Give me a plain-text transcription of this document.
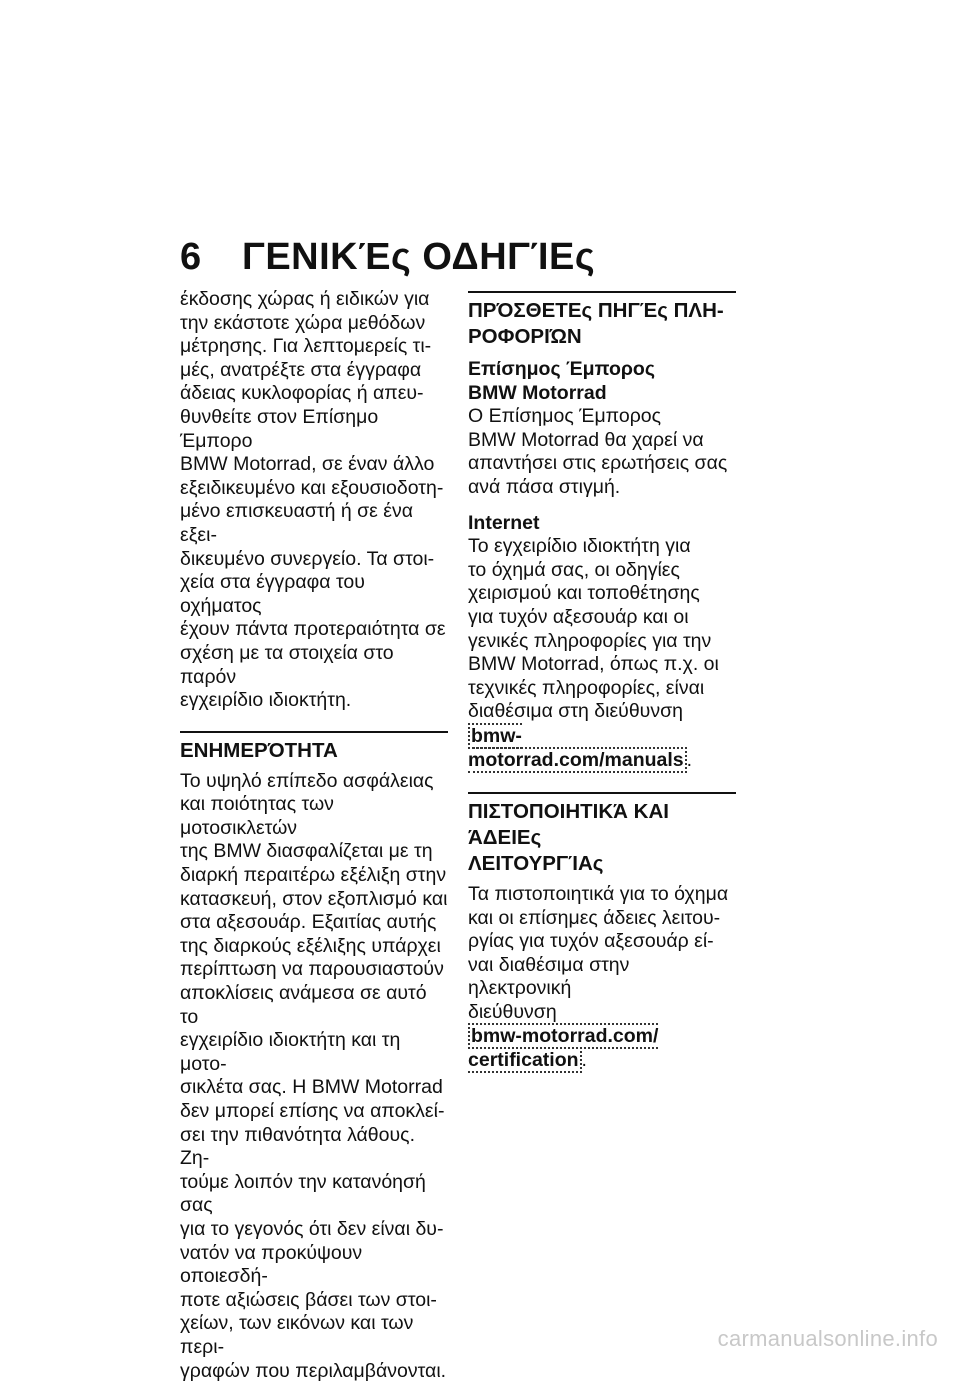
6 ΓΕΝΙΚΈς ΟΔΗΓΊΕς

έκδοσης χώρας ή ειδικών για
την εκάστοτε χώρα μεθόδων
μέτρησης. Για λεπτομερείς τι-
μές, ανατρέξτε στα έγγραφα
άδειας κυκλοφορίας ή απευ-
θυνθείτε στον Επίσημο Έμπορο
BMW Motorrad, σε έναν άλλο
εξειδικευμένο και εξουσιοδοτη-
μένο επισκευαστή ή σε ένα εξει-
δικευμένο συνεργείο. Τα στοι-
χεία στα έγγραφα του οχήματος
έχουν πάντα προτεραιότητα σε
σχέση με τα στοιχεία στο παρόν
εγχειρίδιο ιδιοκτήτη.

ΕΝΗΜΕΡΌΤΗΤΑ

Το υψηλό επίπεδο ασφάλειας
και ποιότητας των μοτοσικλετών
της BMW διασφαλίζεται με τη
διαρκή περαιτέρω εξέλιξη στην
κατασκευή, στον εξοπλισμό και
στα αξεσουάρ. Εξαιτίας αυτής
της διαρκούς εξέλιξης υπάρχει
περίπτωση να παρουσιαστούν
αποκλίσεις ανάμεσα σε αυτό το
εγχειρίδιο ιδιοκτήτη και τη μοτο-
σικλέτα σας. Η BMW Motorrad
δεν μπορεί επίσης να αποκλεί-
σει την πιθανότητα λάθους. Ζη-
τούμε λοιπόν την κατανόησή σας
για το γεγονός ότι δεν είναι δυ-
νατόν να προκύψουν οποιεσδή-
ποτε αξιώσεις βάσει των στοι-
χείων, των εικόνων και των περι-
γραφών που περιλαμβάνονται.

ΠΡΌΣΘΕΤΕς ΠΗΓΈς ΠΛΗ-
ΡΟΦΟΡΙΏΝ
Επίσημος Έμπορος
BMW Motorrad

Ο Επίσημος Έμπορος
BMW Motorrad θα χαρεί να
απαντήσει στις ερωτήσεις σας
ανά πάσα στιγμή.

Internet

Το εγχειρίδιο ιδιοκτήτη για
το όχημά σας, οι οδηγίες
χειρισμού και τοποθέτησης
για τυχόν αξεσουάρ και οι
γενικές πληροφορίες για την
BMW Motorrad, όπως π.χ. οι
τεχνικές πληροφορίες, είναι
διαθέσιμα στη διεύθυνση

bmw-motorrad.com/manuals .

ΠΙΣΤΟΠΟΙΗΤΙΚΆ ΚΑΙ ΆΔΕΙΕς
ΛΕΙΤΟΥΡΓΊΑς

Τα πιστοποιητικά για το όχημα
και οι επίσημες άδειες λειτου-
ργίας για τυχόν αξεσουάρ εί-
ναι διαθέσιμα στην ηλεκτρονική
διεύθυνση

bmw-motorrad.com/
certification .

carmanualsonline.info
